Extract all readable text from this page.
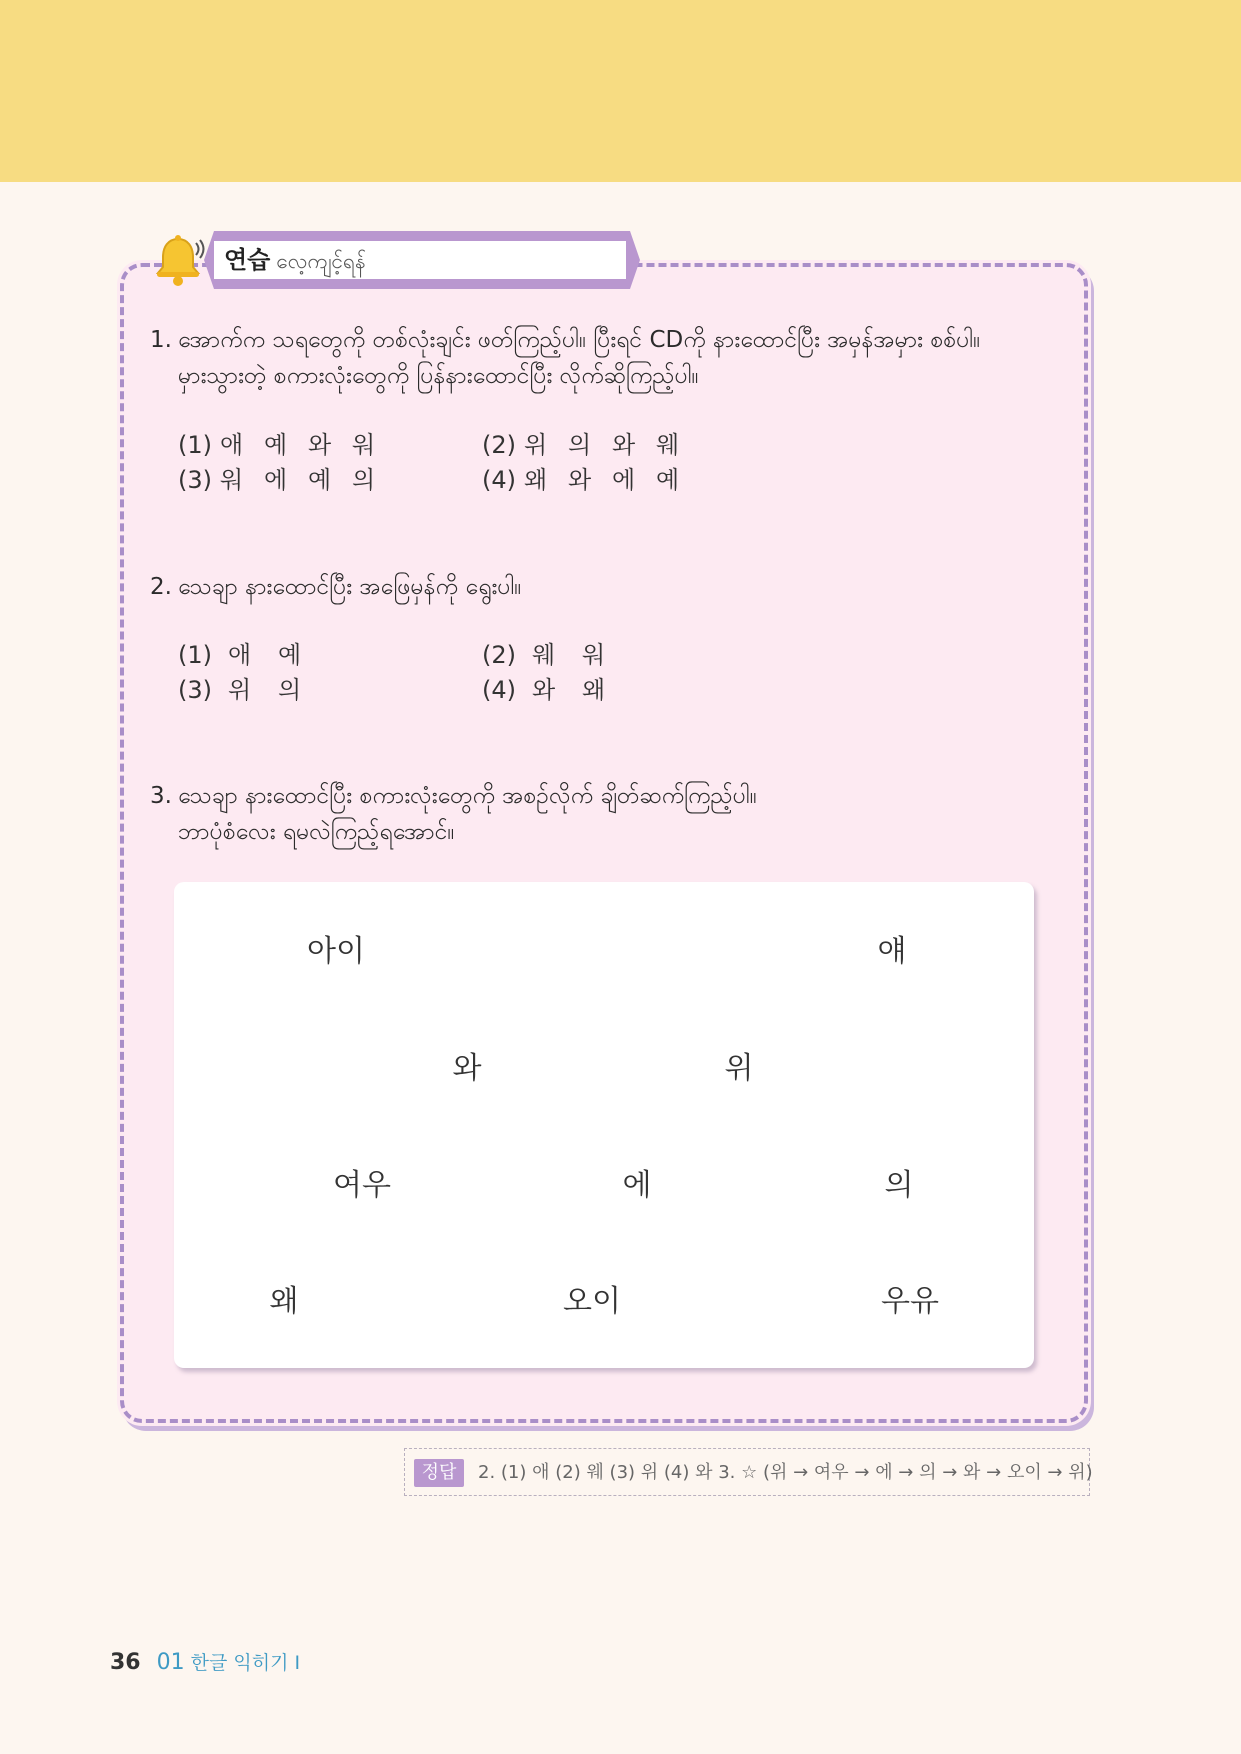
연습 လေ့ကျင့်ရန်
1. အောက်က သရတွေကို တစ်လုံးချင်း ဖတ်ကြည့်ပါ။ ပြီးရင် CDကို နားထောင်ပြီး အမှန်အမှား စစ်ပါ။
မှားသွားတဲ့ စကားလုံးတွေကို ပြန်နားထောင်ပြီး လိုက်ဆိုကြည့်ပါ။
(1) 애 예 와 워	(2) 위 의 와 웨
(3) 워 에 예 의	(4) 왜 와 에 예
2. သေချာ နားထောင်ပြီး အဖြေမှန်ကို ရွေးပါ။
(1) 애 예	(2) 웨 워
(3) 위 의	(4) 와 왜
3. သေချာ နားထောင်ပြီး စကားလုံးတွေကို အစဉ်လိုက် ချိတ်ဆက်ကြည့်ပါ။
ဘာပုံစံလေး ရမလဲကြည့်ရအောင်။
아이	얘
와	위
여우	에	의
왜	오이	우유
정답	2. (1) 애 (2) 웨 (3) 위 (4) 와 3. ☆ (위 → 여우 → 에 → 의 → 와 → 오이 → 위)
36 01 한글 익히기 Ⅰ
